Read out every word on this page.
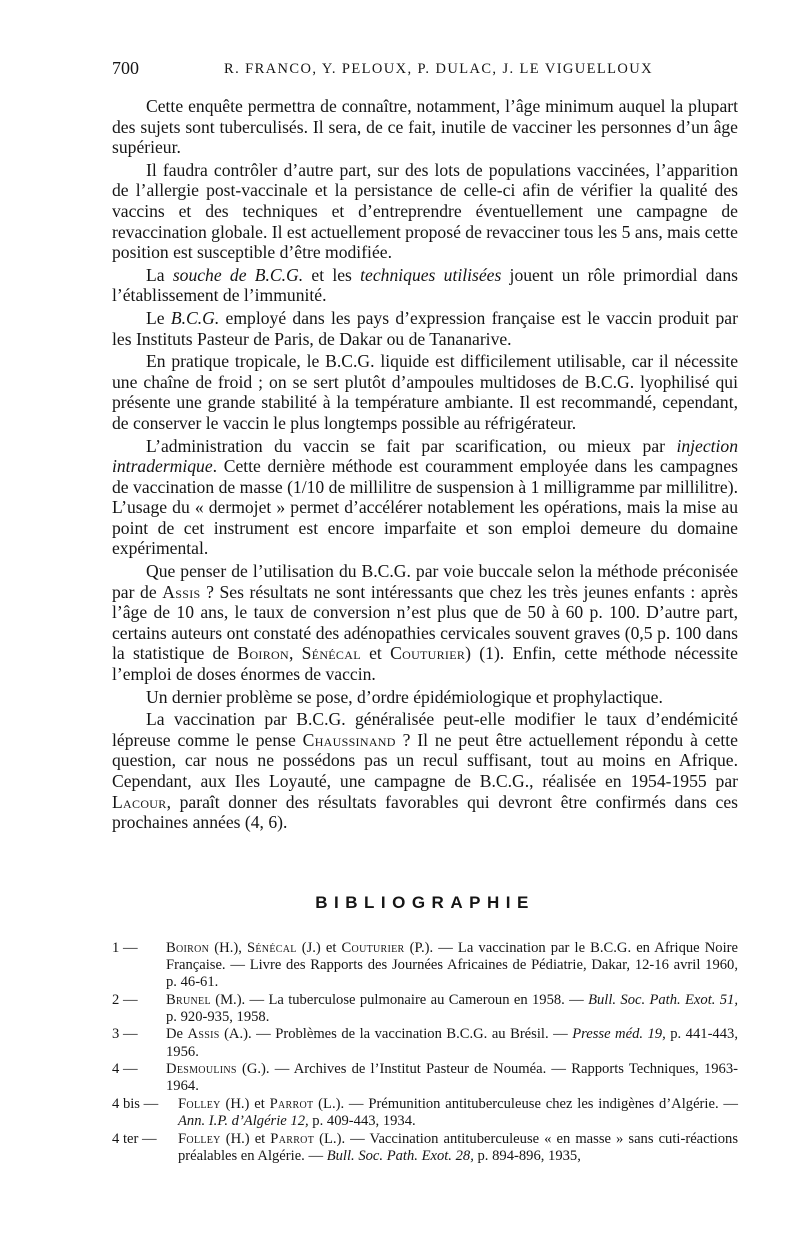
700	R. FRANCO, Y. PELOUX, P. DULAC, J. LE VIGUELLOUX

Cette enquête permettra de connaître, notamment, l’âge minimum auquel la plupart des sujets sont tuberculisés. Il sera, de ce fait, inutile de vacciner les personnes d’un âge supérieur.

Il faudra contrôler d’autre part, sur des lots de populations vaccinées, l’apparition de l’allergie post-vaccinale et la persistance de celle-ci afin de vérifier la qualité des vaccins et des techniques et d’entreprendre éventuellement une campagne de revaccination globale. Il est actuellement proposé de revacciner tous les 5 ans, mais cette position est susceptible d’être modifiée.

La souche de B.C.G. et les techniques utilisées jouent un rôle primordial dans l’établissement de l’immunité.

Le B.C.G. employé dans les pays d’expression française est le vaccin produit par les Instituts Pasteur de Paris, de Dakar ou de Tananarive.

En pratique tropicale, le B.C.G. liquide est difficilement utilisable, car il nécessite une chaîne de froid ; on se sert plutôt d’ampoules multidoses de B.C.G. lyophilisé qui présente une grande stabilité à la température ambiante. Il est recommandé, cependant, de conserver le vaccin le plus longtemps possible au réfrigérateur.

L’administration du vaccin se fait par scarification, ou mieux par injection intradermique. Cette dernière méthode est couramment employée dans les campagnes de vaccination de masse (1/10 de millilitre de suspension à 1 milligramme par millilitre). L’usage du « dermojet » permet d’accélérer notablement les opérations, mais la mise au point de cet instrument est encore imparfaite et son emploi demeure du domaine expérimental.

Que penser de l’utilisation du B.C.G. par voie buccale selon la méthode préconisée par de Assis ? Ses résultats ne sont intéressants que chez les très jeunes enfants : après l’âge de 10 ans, le taux de conversion n’est plus que de 50 à 60 p. 100. D’autre part, certains auteurs ont constaté des adénopathies cervicales souvent graves (0,5 p. 100 dans la statistique de Boiron, Sénécal et Couturier) (1). Enfin, cette méthode nécessite l’emploi de doses énormes de vaccin.

Un dernier problème se pose, d’ordre épidémiologique et prophylactique.

La vaccination par B.C.G. généralisée peut-elle modifier le taux d’endémicité lépreuse comme le pense Chaussinand ? Il ne peut être actuellement répondu à cette question, car nous ne possédons pas un recul suffisant, tout au moins en Afrique. Cependant, aux Iles Loyauté, une campagne de B.C.G., réalisée en 1954-1955 par Lacour, paraît donner des résultats favorables qui devront être confirmés dans ces prochaines années (4, 6).

BIBLIOGRAPHIE
1 —	Boiron (H.), Sénécal (J.) et Couturier (P.). — La vaccination par le B.C.G. en Afrique Noire Française. — Livre des Rapports des Journées Africaines de Pédiatrie, Dakar, 12-16 avril 1960, p. 46-61.
2 —	Brunel (M.). — La tuberculose pulmonaire au Cameroun en 1958. — Bull. Soc. Path. Exot. 51, p. 920-935, 1958.
3 —	De Assis (A.). — Problèmes de la vaccination B.C.G. au Brésil. — Presse méd. 19, p. 441-443, 1956.
4 —	Desmoulins (G.). — Archives de l’Institut Pasteur de Nouméa. — Rapports Techniques, 1963-1964.
4 bis —	Folley (H.) et Parrot (L.). — Prémunition antituberculeuse chez les indigènes d’Algérie. — Ann. I.P. d’Algérie 12, p. 409-443, 1934.
4 ter —	Folley (H.) et Parrot (L.). — Vaccination antituberculeuse « en masse » sans cuti-réactions préalables en Algérie. — Bull. Soc. Path. Exot. 28, p. 894-896, 1935,
